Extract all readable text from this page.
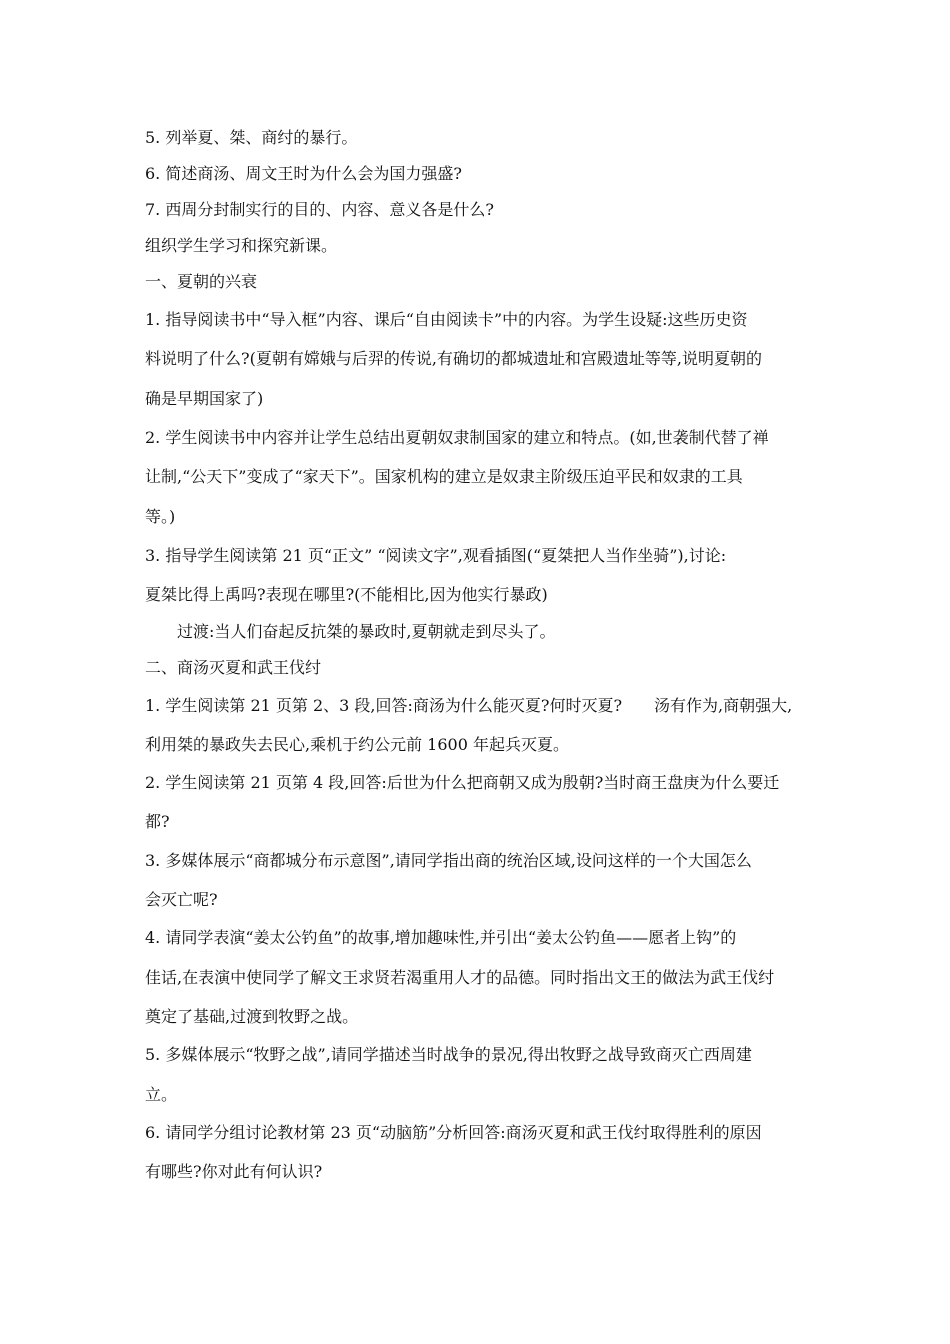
5. 列举夏、桀、商纣的暴行。
6. 简述商汤、周文王时为什么会为国力强盛?
7. 西周分封制实行的目的、内容、意义各是什么?
组织学生学习和探究新课。
一、夏朝的兴衰
1. 指导阅读书中“导入框”内容、课后“自由阅读卡”中的内容。为学生设疑:这些历史资
料说明了什么?(夏朝有嫦娥与后羿的传说,有确切的都城遗址和宫殿遗址等等,说明夏朝的
确是早期国家了)
2. 学生阅读书中内容并让学生总结出夏朝奴隶制国家的建立和特点。(如,世袭制代替了禅
让制,“公天下”变成了“家天下”。国家机构的建立是奴隶主阶级压迫平民和奴隶的工具
等。)
3. 指导学生阅读第 21 页“正文” “阅读文字”,观看插图(“夏桀把人当作坐骑”),讨论:
夏桀比得上禹吗?表现在哪里?(不能相比,因为他实行暴政)
过渡:当人们奋起反抗桀的暴政时,夏朝就走到尽头了。
二、商汤灭夏和武王伐纣
1. 学生阅读第 21 页第 2、3 段,回答:商汤为什么能灭夏?何时灭夏?　　汤有作为,商朝强大,
利用桀的暴政失去民心,乘机于约公元前 1600 年起兵灭夏。
2. 学生阅读第 21 页第 4 段,回答:后世为什么把商朝又成为殷朝?当时商王盘庚为什么要迁
都?
3. 多媒体展示“商都城分布示意图”,请同学指出商的统治区域,设问这样的一个大国怎么
会灭亡呢?
4. 请同学表演“姜太公钓鱼”的故事,增加趣味性,并引出“姜太公钓鱼——愿者上钩”的
佳话,在表演中使同学了解文王求贤若渴重用人才的品德。同时指出文王的做法为武王伐纣
奠定了基础,过渡到牧野之战。
5. 多媒体展示“牧野之战”,请同学描述当时战争的景况,得出牧野之战导致商灭亡西周建
立。
6. 请同学分组讨论教材第 23 页“动脑筋”分析回答:商汤灭夏和武王伐纣取得胜利的原因
有哪些?你对此有何认识?
